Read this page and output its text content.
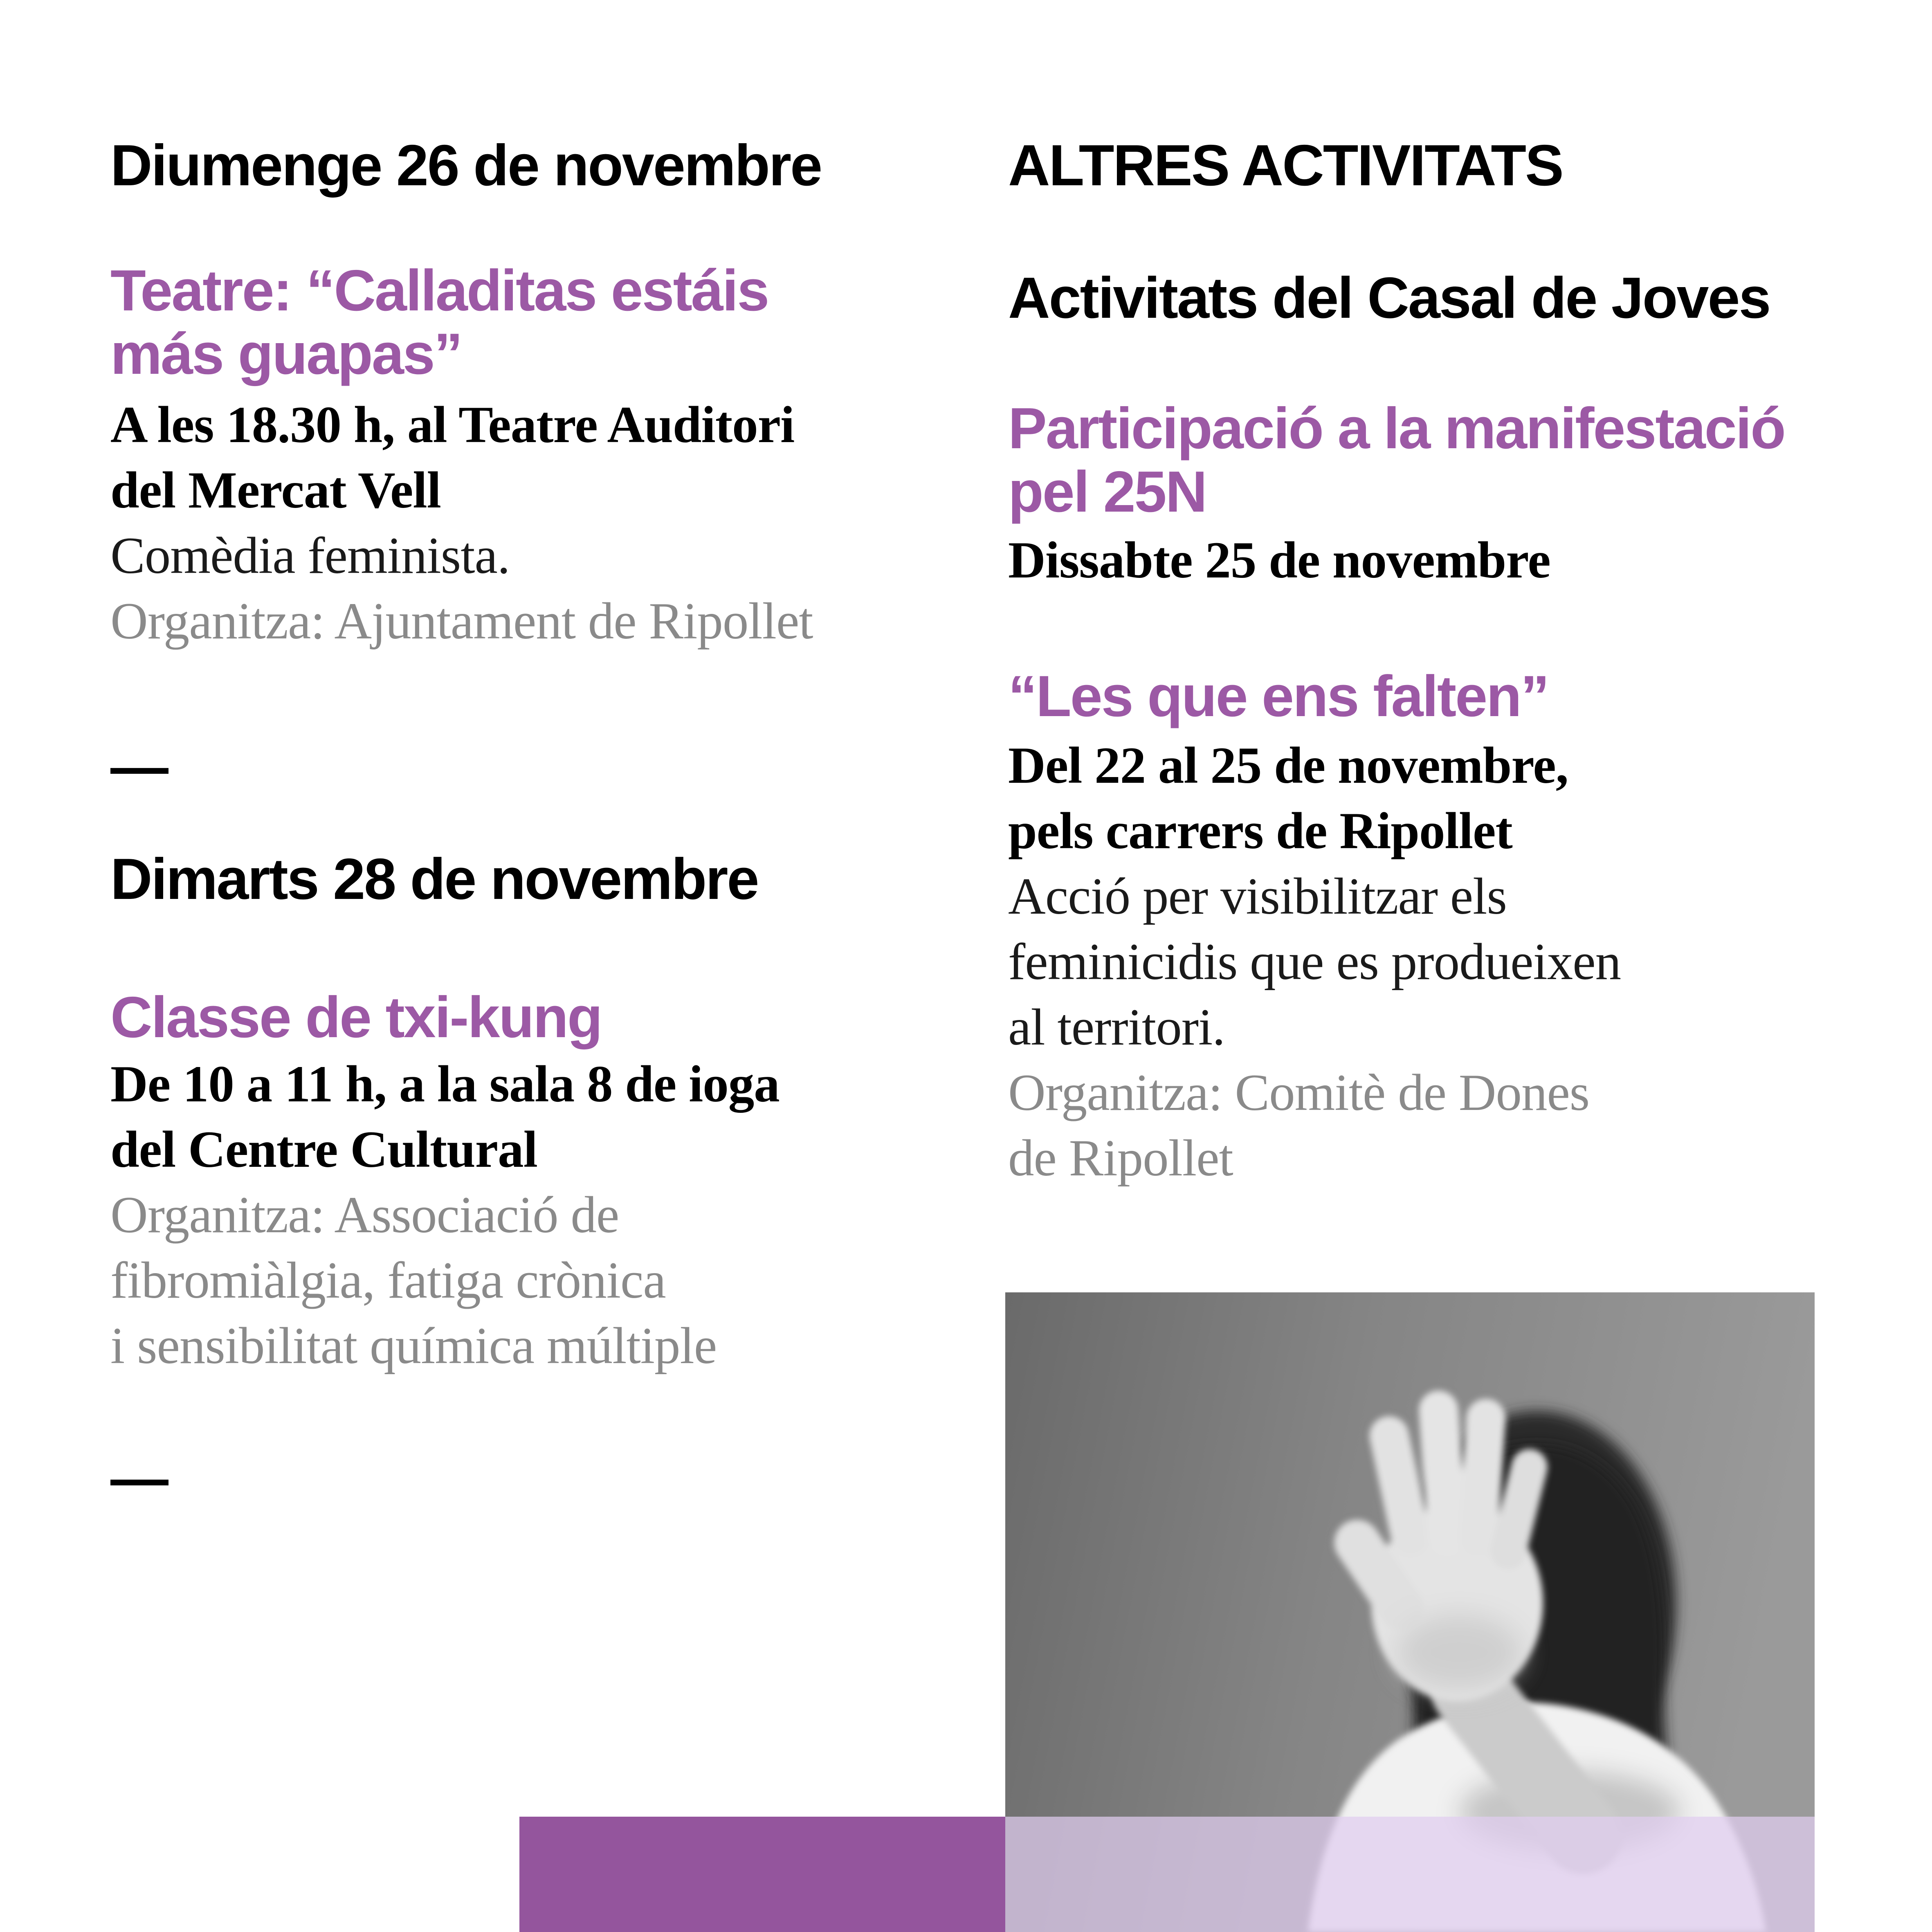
Diumenge 26 de novembre
Teatre: “Calladitas estáis
más guapas”
A les 18.30 h, al Teatre Auditori
del Mercat Vell
Comèdia feminista.
Organitza: Ajuntament de Ripollet
—
Dimarts 28 de novembre
Classe de txi-kung
De 10 a 11 h, a la sala 8 de ioga
del Centre Cultural
Organitza: Associació de
fibromiàlgia, fatiga crònica
i sensibilitat química múltiple
—
ALTRES ACTIVITATS
Activitats del Casal de Joves
Participació a la manifestació
pel 25N
Dissabte 25 de novembre
“Les que ens falten”
Del 22 al 25 de novembre,
pels carrers de Ripollet
Acció per visibilitzar els
feminicidis que es produeixen
al territori.
Organitza: Comitè de Dones
de Ripollet
